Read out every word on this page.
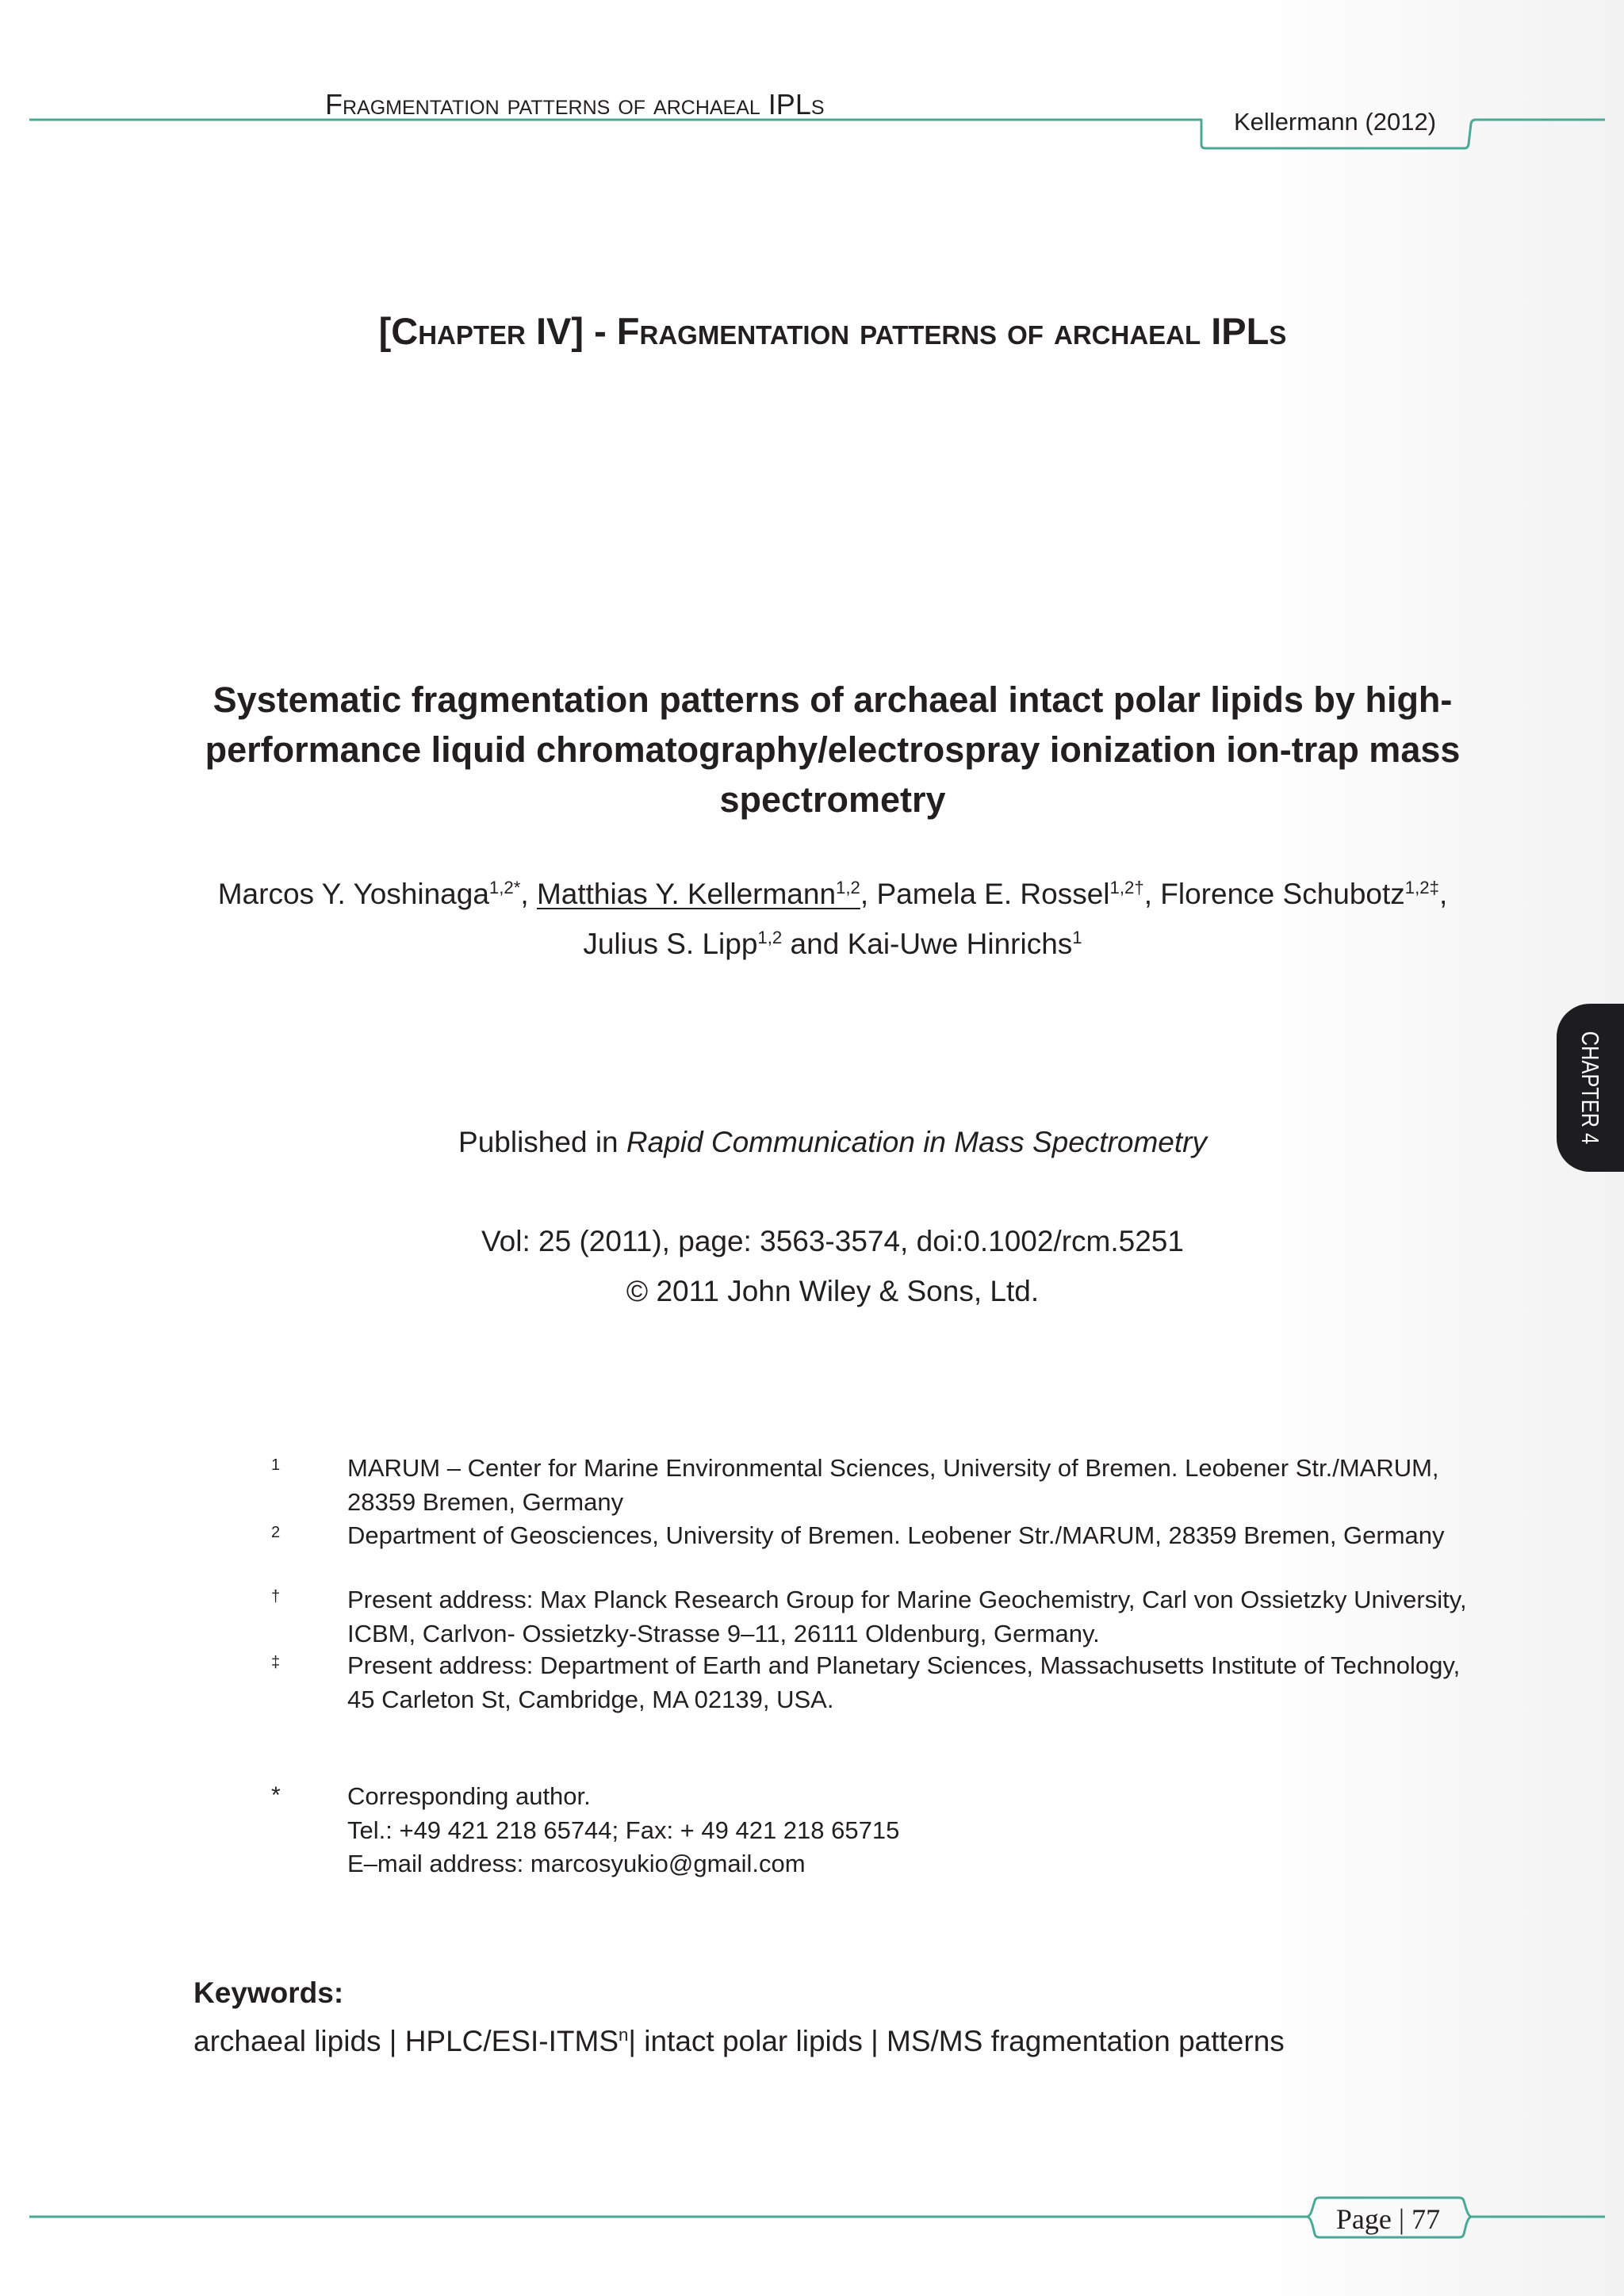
Fragmentation patterns of archaeal IPLs
Kellermann (2012)
[Chapter IV] - Fragmentation patterns of archaeal IPLs
Systematic fragmentation patterns of archaeal intact polar lipids by high-
performance liquid chromatography/electrospray ionization ion-trap mass
spectrometry
Marcos Y. Yoshinaga$^{1,2*}$, Matthias Y. Kellermann$^{1,2}$, Pamela E. Rossel$^{1,2\dagger}$, Florence Schubotz$^{1,2\ddagger}$,
Julius S. Lipp$^{1,2}$ and Kai-Uwe Hinrichs$^1$
Published in Rapid Communication in Mass Spectrometry
Vol: 25 (2011), page: 3563-3574, doi:0.1002/rcm.5251
© 2011 John Wiley & Sons, Ltd.
1	MARUM – Center for Marine Environmental Sciences, University of Bremen. Leobener Str./MARUM,
28359 Bremen, Germany
2	Department of Geosciences, University of Bremen. Leobener Str./MARUM, 28359 Bremen, Germany
†	Present address: Max Planck Research Group for Marine Geochemistry, Carl von Ossietzky University,
ICBM, Carlvon- Ossietzky-Strasse 9–11, 26111 Oldenburg, Germany.
‡	Present address: Department of Earth and Planetary Sciences, Massachusetts Institute of Technology,
45 Carleton St, Cambridge, MA 02139, USA.
*	Corresponding author.
Tel.: +49 421 218 65744; Fax: + 49 421 218 65715
E–mail address: marcosyukio@gmail.com
Keywords:
archaeal lipids | HPLC/ESI-ITMS$^n$| intact polar lipids | MS/MS fragmentation patterns
Page | 77
CHAPTER 4
